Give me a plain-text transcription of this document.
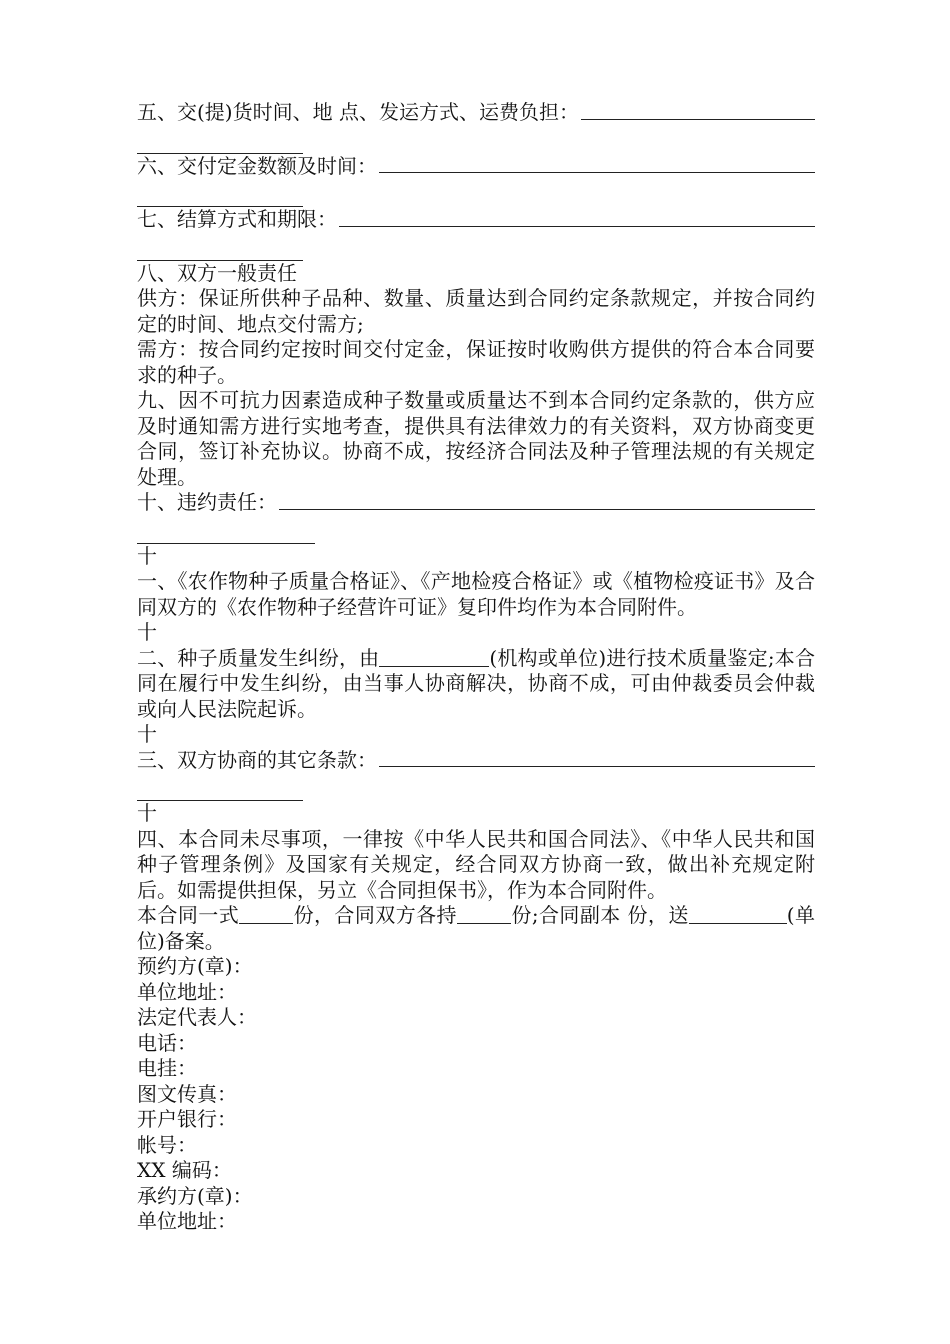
五、交(提)货时间、地 点、发运方式、运费负担：
六、交付定金数额及时间：
七、结算方式和期限：
八、双方一般责任
供方：保证所供种子品种、数量、质量达到合同约定条款规定，并按合同约定的时间、地点交付需方;
需方：按合同约定按时间交付定金，保证按时收购供方提供的符合本合同要求的种子。
九、因不可抗力因素造成种子数量或质量达不到本合同约定条款的，供方应及时通知需方进行实地考查，提供具有法律效力的有关资料，双方协商变更合同，签订补充协议。协商不成，按经济合同法及种子管理法规的有关规定处理。
十、违约责任：
十
一、《农作物种子质量合格证》、《产地检疫合格证》或《植物检疫证书》及合同双方的《农作物种子经营许可证》复印件均作为本合同附件。
十
二、种子质量发生纠纷，由	(机构或单位)进行技术质量鉴定;本合同在履行中发生纠纷，由当事人协商解决，协商不成，可由仲裁委员会仲裁或向人民法院起诉。
十
三、双方协商的其它条款：
十
四、本合同未尽事项，一律按《中华人民共和国合同法》、《中华人民共和国种子管理条例》及国家有关规定，经合同双方协商一致，做出补充规定附后。如需提供担保，另立《合同担保书》，作为本合同附件。
本合同一式	份，合同双方各持	份;合同副本 份，送	(单位)备案。
预约方(章)：
单位地址：
法定代表人：
电话：
电挂：
图文传真：
开户银行：
帐号：
XX 编码：
承约方(章)：
单位地址：
